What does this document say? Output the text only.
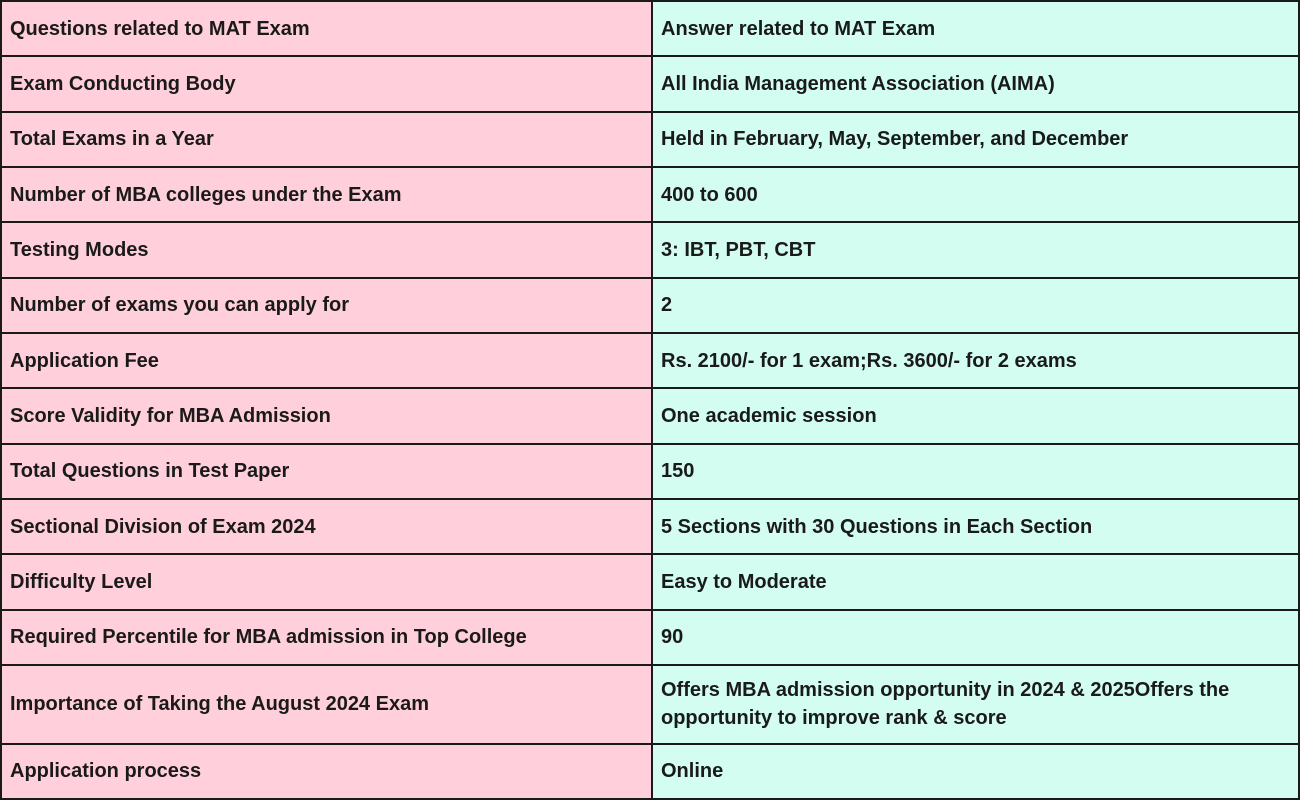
Questions related to MAT Exam	Answer related to MAT Exam
Exam Conducting Body	All India Management Association (AIMA)
Total Exams in a Year	Held in February, May, September, and December
Number of MBA colleges under the Exam	400 to 600
Testing Modes	3: IBT, PBT, CBT
Number of exams you can apply for	2
Application Fee	Rs. 2100/- for 1 exam;Rs. 3600/- for 2 exams
Score Validity for MBA Admission	One academic session
Total Questions in Test Paper	150
Sectional Division of Exam 2024	5 Sections with 30 Questions in Each Section
Difficulty Level	Easy to Moderate
Required Percentile for MBA admission in Top College	90
Importance of Taking the August 2024 Exam	Offers MBA admission opportunity in 2024 & 2025Offers the opportunity to improve rank & score
Application process	Online
